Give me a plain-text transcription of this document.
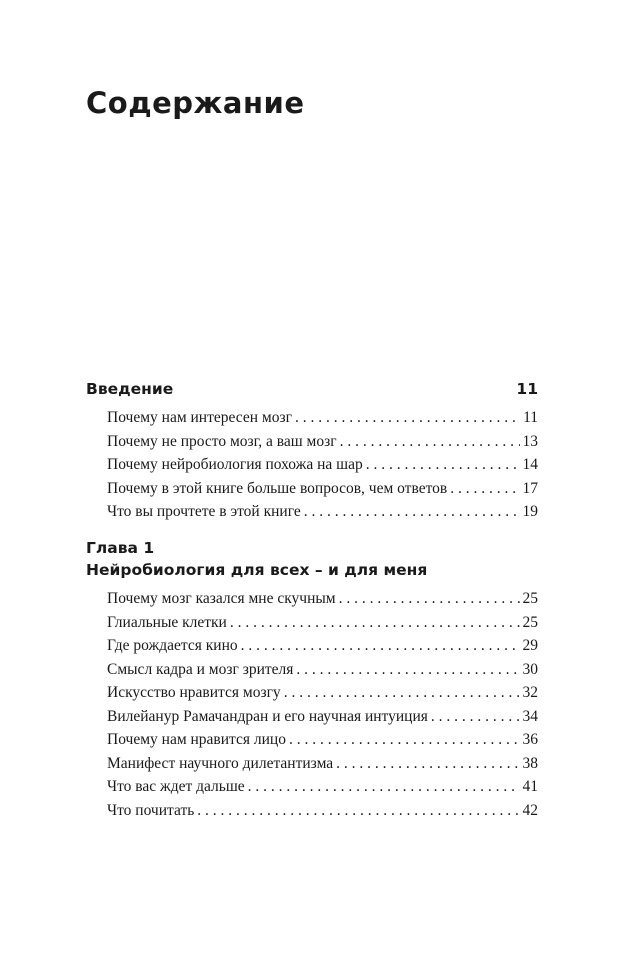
Содержание
Введение	11
Почему нам интересен мозг . . .	11
Почему не просто мозг, а ваш мозг . . .	13
Почему нейробиология похожа на шар . . .	14
Почему в этой книге больше вопросов, чем ответов . . .	17
Что вы прочтете в этой книге . . .	19
Глава 1
Нейробиология для всех – и для меня
Почему мозг казался мне скучным . . .	25
Глиальные клетки . . .	25
Где рождается кино . . .	29
Смысл кадра и мозг зрителя . . .	30
Искусство нравится мозгу . . .	32
Вилейанур Рамачандран и его научная интуиция . . .	34
Почему нам нравится лицо . . .	36
Манифест научного дилетантизма . . .	38
Что вас ждет дальше . . .	41
Что почитать . . .	42
